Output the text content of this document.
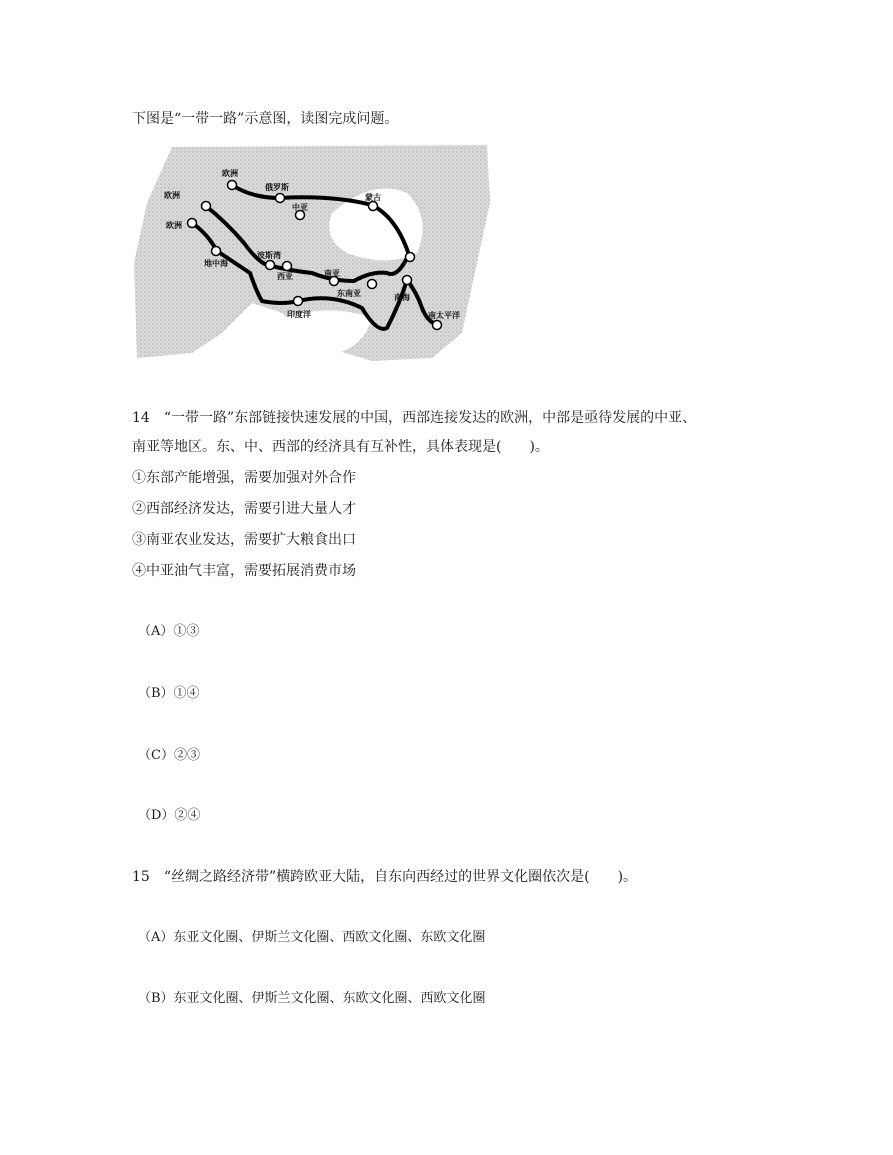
下图是“一带一路”示意图，读图完成问题。
欧洲
俄罗斯
中亚
蒙古
欧洲
欧洲
地中海
波斯湾
西亚	南亚
东南亚
印度洋
南海
南太平洋
14　“一带一路”东部链接快速发展的中国，西部连接发达的欧洲，中部是亟待发展的中亚、
南亚等地区。东、中、西部的经济具有互补性，具体表现是(　　)。
①东部产能增强，需要加强对外合作
②西部经济发达，需要引进大量人才
③南亚农业发达，需要扩大粮食出口
④中亚油气丰富，需要拓展消费市场
（A）①③
（B）①④
（C）②③
（D）②④
15　“丝绸之路经济带”横跨欧亚大陆，自东向西经过的世界文化圈依次是(　　)。
（A）东亚文化圈、伊斯兰文化圈、西欧文化圈、东欧文化圈
（B）东亚文化圈、伊斯兰文化圈、东欧文化圈、西欧文化圈
